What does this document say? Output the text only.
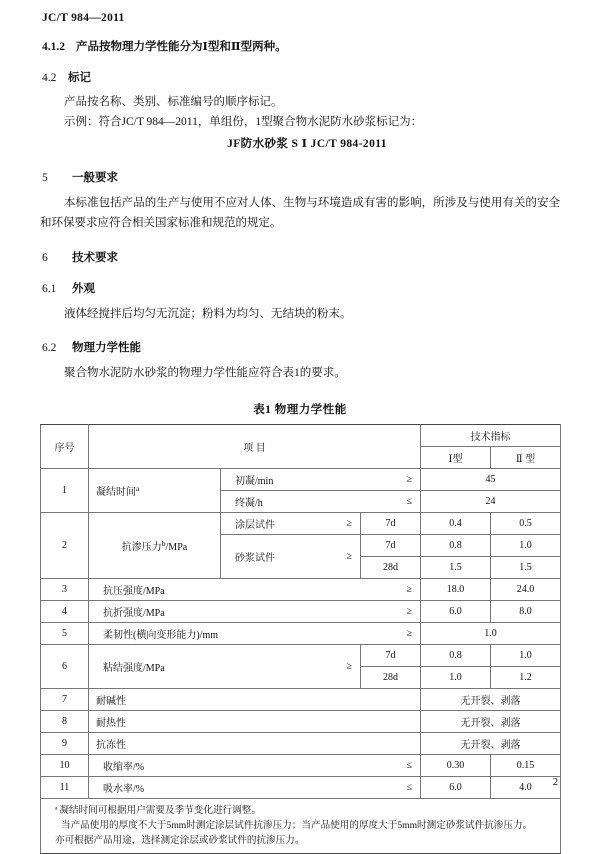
JC/T 984—2011
4.1.2 产品按物理力学性能分为Ⅰ型和Ⅱ型两种。
4.2 标记
产品按名称、类别、标准编号的顺序标记。
示例：符合JC/T 984—2011，单组份，1型聚合物水泥防水砂浆标记为：
JF防水砂浆 S Ⅰ JC/T 984-2011
5 一般要求

本标准包括产品的生产与使用不应对人体、生物与环境造成有害的影响，所涉及与使用有关的安全和环保要求应符合相关国家标准和规范的规定。

6 技术要求
6.1 外观

液体经搅拌后均匀无沉淀；粉料为均匀、无结块的粉末。

6.2 物理力学性能

聚合物水泥防水砂浆的物理力学性能应符合表1的要求。

表1 物理力学性能
序号	项 目			技术指标	
				Ⅰ型	Ⅱ 型
1	凝结时间$^a$	初凝/min ≥		45	

		终凝/h ≤		24	
2	抗渗压力$^b$/MPa	涂层试件 ≥	7d	0.4	0.5

		砂浆试件 ≥	7d	0.8	1.0
			28d	1.5	1.5
3	抗压强度/MPa ≥			18.0	24.0
4	抗折强度/MPa ≥			6.0	8.0
5	柔韧性(横向变形能力)/mm ≥			1.0	
6	粘结强度/MPa ≥		7d	0.8	1.0
			28d	1.0	1.2
7	耐碱性			无开裂、剥落	
8	耐热性			无开裂、剥落	
9	抗冻性			无开裂、剥落	
10	收缩率/% ≤			0.30	0.15
11	吸水率/% ≤			6.0	4.0

ᵃ 凝结时间可根据用户需要及季节变化进行调整。
当产品使用的厚度不大于5mm时测定涂层试件抗渗压力；当产品使用的厚度大于5mm时测定砂浆试件抗渗压力。
亦可根据产品用途，选择测定涂层或砂浆试件的抗渗压力。					
2
